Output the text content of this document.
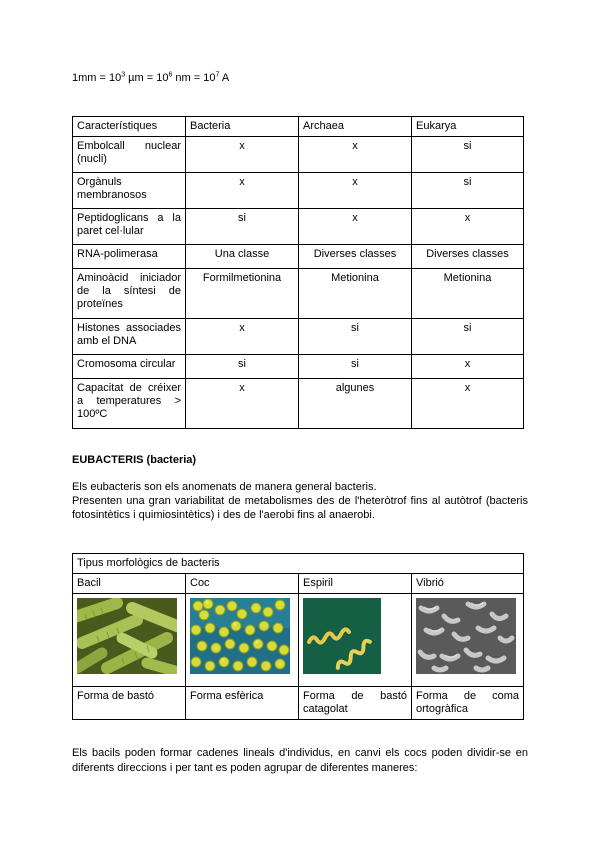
$1mm = 10^3$ $\mu m = 10^6$ nm = $10^7$ A
Característiques	Bacteria	Archaea	Eukarya
Embolcall nuclear (nucli)	x	x	si
Orgànuls membranosos	x	x	si
Peptidoglicans a la paret cel·lular	si	x	x
RNA-polimerasa	Una classe	Diverses classes	Diverses classes
Aminoàcid iniciador de la síntesi de proteïnes	Formilmetionina	Metionina	Metionina
Histones associades amb el DNA	x	si	si
Cromosoma circular	si	si	x
Capacitat de créixer a temperatures > 100ºC	x	algunes	x
EUBACTERIS (bacteria)
Els eubacteris son els anomenats de manera general bacteris.
Presenten una gran variabilitat de metabolismes des de l'heteròtrof fins al autòtrof (bacteris fotosintètics i quimiosintètics) i des de l'aerobi fins al anaerobi.
Tipus morfològics de bacteris			
Bacil	Coc	Espiril	Vibrió

Forma de bastó	Forma esfèrica	Forma de bastó catagolat	Forma de coma ortogràfica
Els bacils poden formar cadenes lineals d'individus, en canvi els cocs poden dividir-se en diferents direccions i per tant es poden agrupar de diferentes maneres:
